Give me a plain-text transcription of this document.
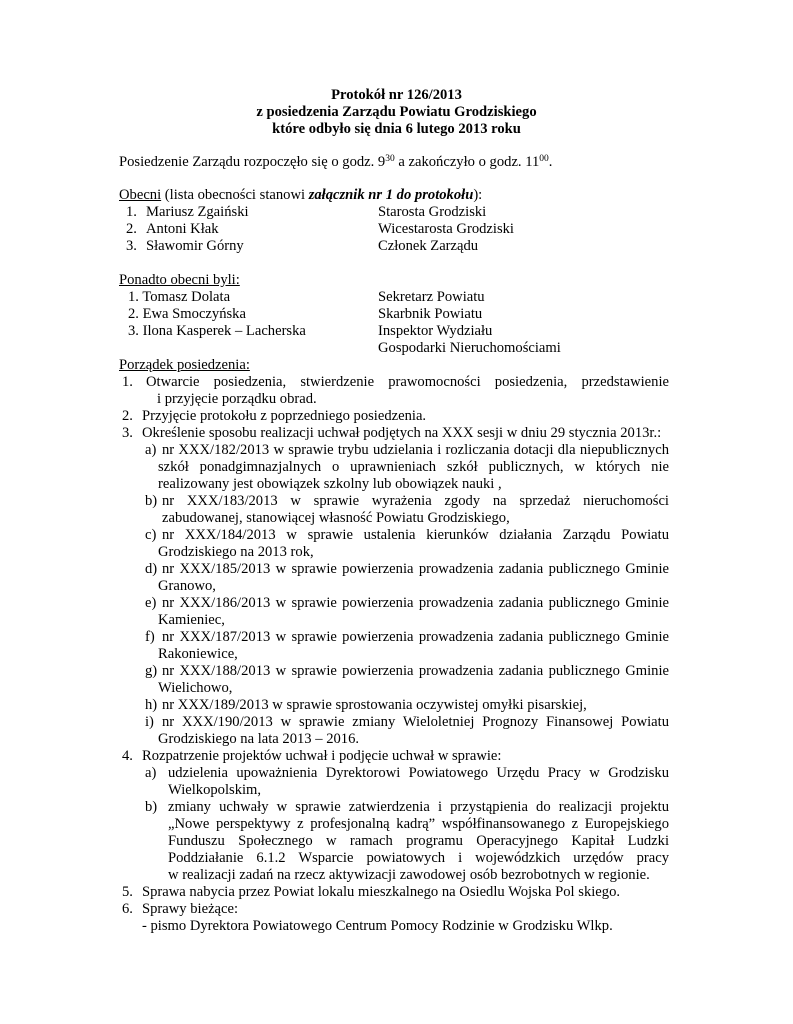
Protokół nr 126/2013
z posiedzenia Zarządu Powiatu Grodziskiego
które odbyło się dnia 6 lutego 2013 roku
Posiedzenie Zarządu rozpoczęło się o godz. $9^{30}$ a zakończyło o godz. $11^{00}$.
Obecni (lista obecności stanowi załącznik nr 1 do protokołu):
1. Mariusz Zgaiński	Starosta Grodziski
2. Antoni Kłak	Wicestarosta Grodziski
3. Sławomir Górny	Członek Zarządu
Ponadto obecni byli:
1. Tomasz Dolata	Sekretarz Powiatu
2. Ewa Smoczyńska	Skarbnik Powiatu
3. Ilona Kasperek – Lacherska	Inspektor Wydziału
Gospodarki Nieruchomościami
Porządek posiedzenia:
1. Otwarcie posiedzenia, stwierdzenie prawomocności posiedzenia, przedstawienie
i przyjęcie porządku obrad.
2. Przyjęcie protokołu z poprzedniego posiedzenia.
3. Określenie sposobu realizacji uchwał podjętych na XXX sesji w dniu 29 stycznia 2013r.:
a) nr XXX/182/2013 w sprawie trybu udzielania i rozliczania dotacji dla niepublicznych
szkół ponadgimnazjalnych o uprawnieniach szkół publicznych, w których nie
realizowany jest obowiązek szkolny lub obowiązek nauki ,
b) nr XXX/183/2013 w sprawie wyrażenia zgody na sprzedaż nieruchomości
zabudowanej, stanowiącej własność Powiatu Grodziskiego,
c) nr XXX/184/2013 w sprawie ustalenia kierunków działania Zarządu Powiatu
Grodziskiego na 2013 rok,
d) nr XXX/185/2013 w sprawie powierzenia prowadzenia zadania publicznego Gminie
Granowo,
e) nr XXX/186/2013 w sprawie powierzenia prowadzenia zadania publicznego Gminie
Kamieniec,
f) nr XXX/187/2013 w sprawie powierzenia prowadzenia zadania publicznego Gminie
Rakoniewice,
g) nr XXX/188/2013 w sprawie powierzenia prowadzenia zadania publicznego Gminie
Wielichowo,
h) nr XXX/189/2013 w sprawie sprostowania oczywistej omyłki pisarskiej,
i) nr XXX/190/2013 w sprawie zmiany Wieloletniej Prognozy Finansowej Powiatu
Grodziskiego na lata 2013 – 2016.
4. Rozpatrzenie projektów uchwał i podjęcie uchwał w sprawie:
a) udzielenia upoważnienia Dyrektorowi Powiatowego Urzędu Pracy w Grodzisku
Wielkopolskim,
b) zmiany uchwały w sprawie zatwierdzenia i przystąpienia do realizacji projektu
„Nowe perspektywy z profesjonalną kadrą” współfinansowanego z Europejskiego
Funduszu Społecznego w ramach programu Operacyjnego Kapitał Ludzki
Poddziałanie 6.1.2 Wsparcie powiatowych i wojewódzkich urzędów pracy
w realizacji zadań na rzecz aktywizacji zawodowej osób bezrobotnych w regionie.
5. Sprawa nabycia przez Powiat lokalu mieszkalnego na Osiedlu Wojska Pol skiego.
6. Sprawy bieżące:
- pismo Dyrektora Powiatowego Centrum Pomocy Rodzinie w Grodzisku Wlkp.
